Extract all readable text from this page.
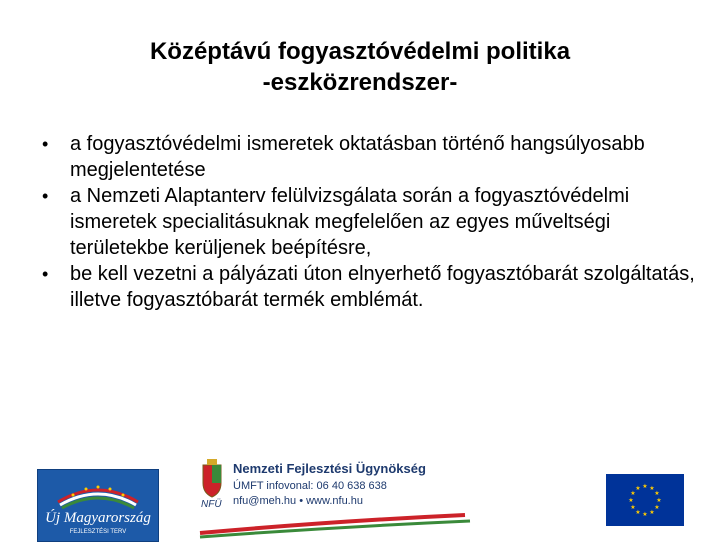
Középtávú fogyasztóvédelmi politika
-eszközrendszer-
• a fogyasztóvédelmi ismeretek oktatásban történő hangsúlyosabb megjelentetése
• a Nemzeti Alaptanterv felülvizsgálata során a fogyasztóvédelmi ismeretek specialitásuknak megfelelően az egyes műveltségi területekbe kerüljenek beépítésre,
• be kell vezetni a pályázati úton elnyerhető fogyasztóbarát szolgáltatás, illetve fogyasztóbarát termék emblémát.
Új Magyarország
FEJLESZTÉSI TERV
NFÜ
Nemzeti Fejlesztési Ügynökség
ÚMFT infovonal: 06 40 638 638
nfu@meh.hu • www.nfu.hu
★ ★
★
★
★
★
★
★
★
★
★
★
